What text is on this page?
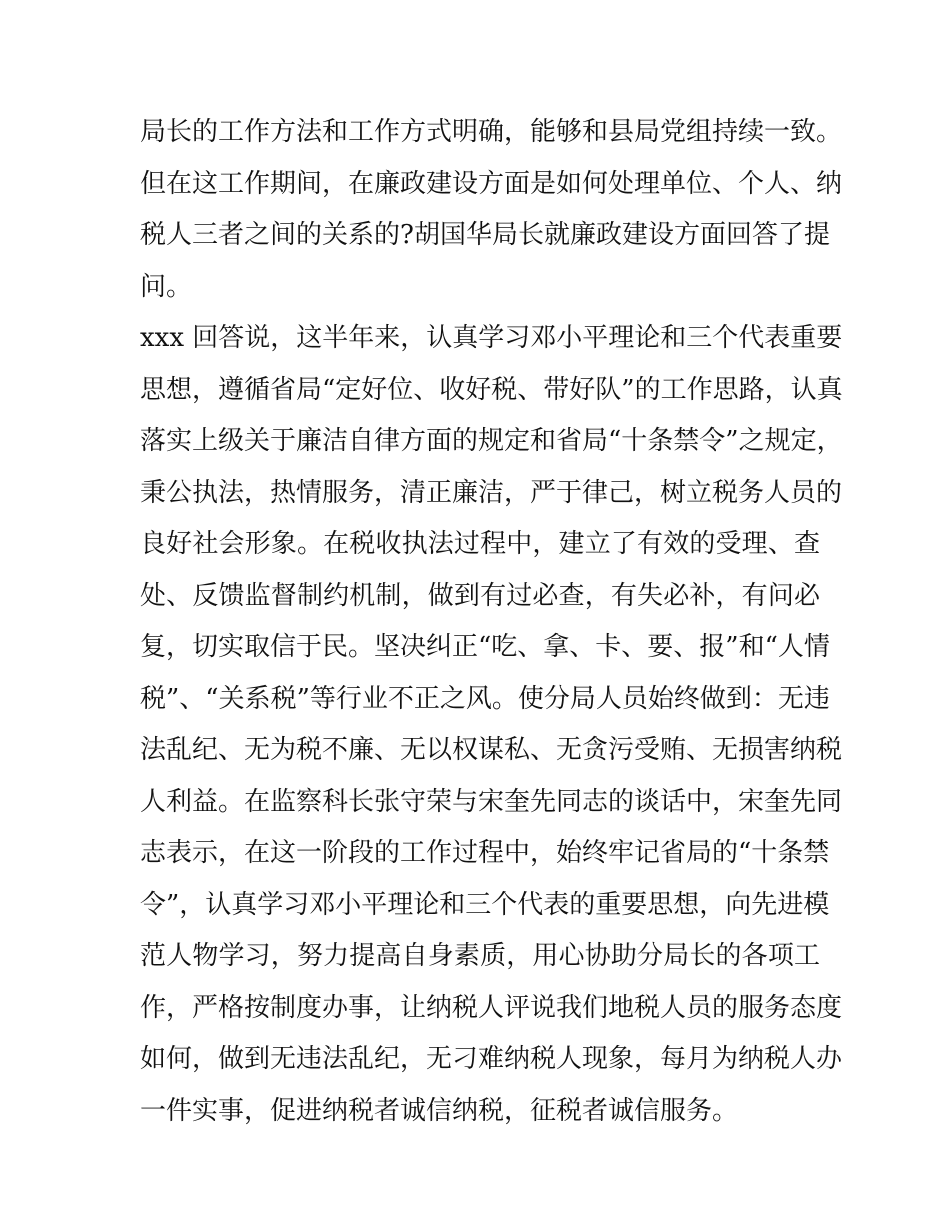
局长的工作方法和工作方式明确，能够和县局党组持续一致。
但在这工作期间，在廉政建设方面是如何处理单位、个人、纳
税人三者之间的关系的?胡国华局长就廉政建设方面回答了提
问。
xxx 回答说，这半年来，认真学习邓小平理论和三个代表重要
思想，遵循省局“定好位、收好税、带好队”的工作思路，认真
落实上级关于廉洁自律方面的规定和省局“十条禁令”之规定，
秉公执法，热情服务，清正廉洁，严于律己，树立税务人员的
良好社会形象。在税收执法过程中，建立了有效的受理、查
处、反馈监督制约机制，做到有过必查，有失必补，有问必
复，切实取信于民。坚决纠正“吃、拿、卡、要、报”和“人情
税”、“关系税”等行业不正之风。使分局人员始终做到：无违
法乱纪、无为税不廉、无以权谋私、无贪污受贿、无损害纳税
人利益。在监察科长张守荣与宋奎先同志的谈话中，宋奎先同
志表示，在这一阶段的工作过程中，始终牢记省局的“十条禁
令”，认真学习邓小平理论和三个代表的重要思想，向先进模
范人物学习，努力提高自身素质，用心协助分局长的各项工
作，严格按制度办事，让纳税人评说我们地税人员的服务态度
如何，做到无违法乱纪，无刁难纳税人现象，每月为纳税人办
一件实事，促进纳税者诚信纳税，征税者诚信服务。
